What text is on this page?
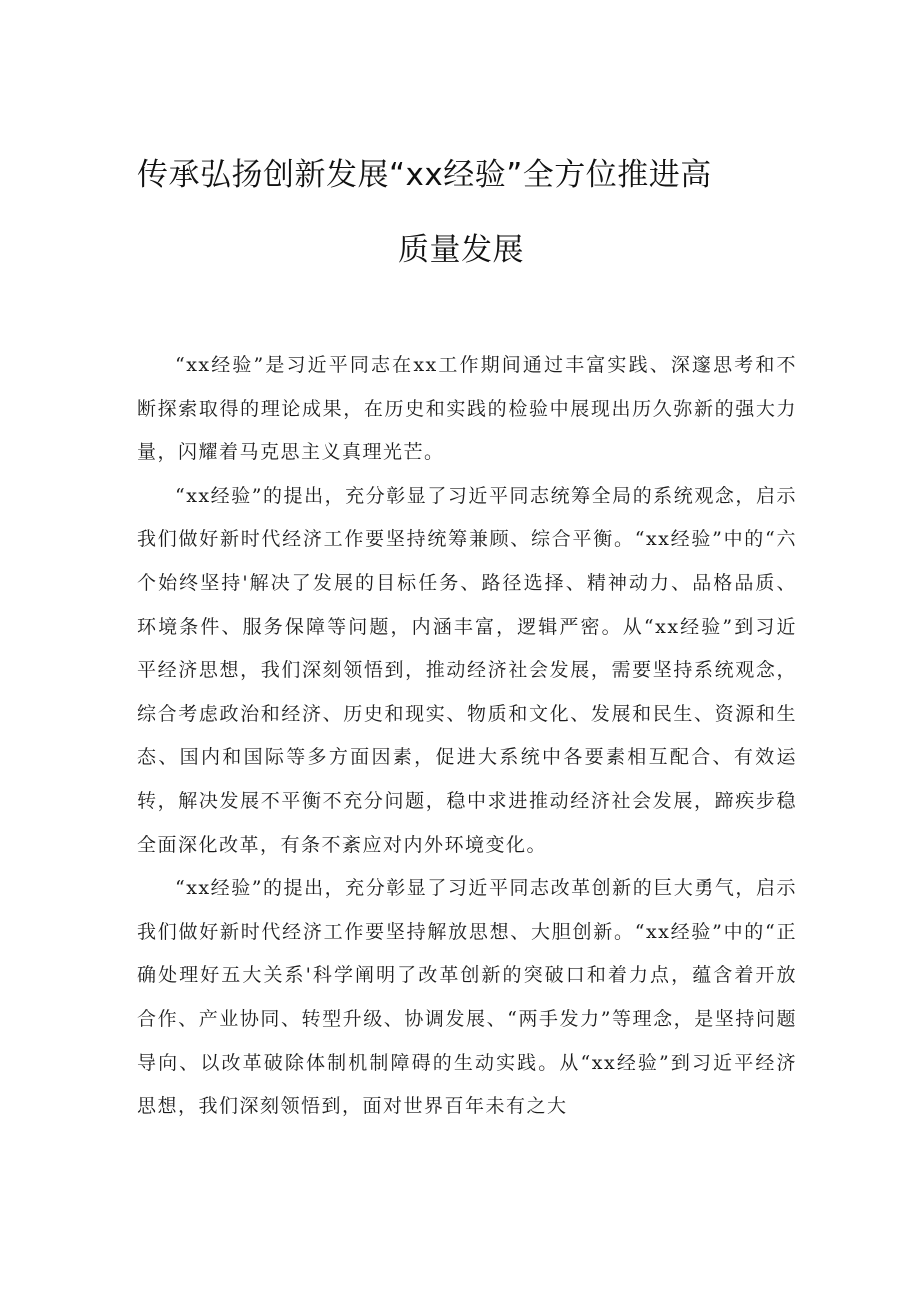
传承弘扬创新发展“xx经验”全方位推进高
质量发展

“xx经验”是习近平同志在xx工作期间通过丰富实践、深邃思考和不断探索取得的理论成果，在历史和实践的检验中展现出历久弥新的强大力量，闪耀着马克思主义真理光芒。

“xx经验”的提出，充分彰显了习近平同志统筹全局的系统观念，启示我们做好新时代经济工作要坚持统筹兼顾、综合平衡。“xx经验”中的“六个始终坚持'解决了发展的目标任务、路径选择、精神动力、品格品质、环境条件、服务保障等问题，内涵丰富，逻辑严密。从“xx经验”到习近平经济思想，我们深刻领悟到，推动经济社会发展，需要坚持系统观念，综合考虑政治和经济、历史和现实、物质和文化、发展和民生、资源和生态、国内和国际等多方面因素，促进大系统中各要素相互配合、有效运转，解决发展不平衡不充分问题，稳中求进推动经济社会发展，蹄疾步稳全面深化改革，有条不紊应对内外环境变化。

“xx经验”的提出，充分彰显了习近平同志改革创新的巨大勇气，启示我们做好新时代经济工作要坚持解放思想、大胆创新。“xx经验”中的“正确处理好五大关系'科学阐明了改革创新的突破口和着力点，蕴含着开放合作、产业协同、转型升级、协调发展、“两手发力”等理念，是坚持问题导向、以改革破除体制机制障碍的生动实践。从“xx经验”到习近平经济思想，我们深刻领悟到，面对世界百年未有之大
